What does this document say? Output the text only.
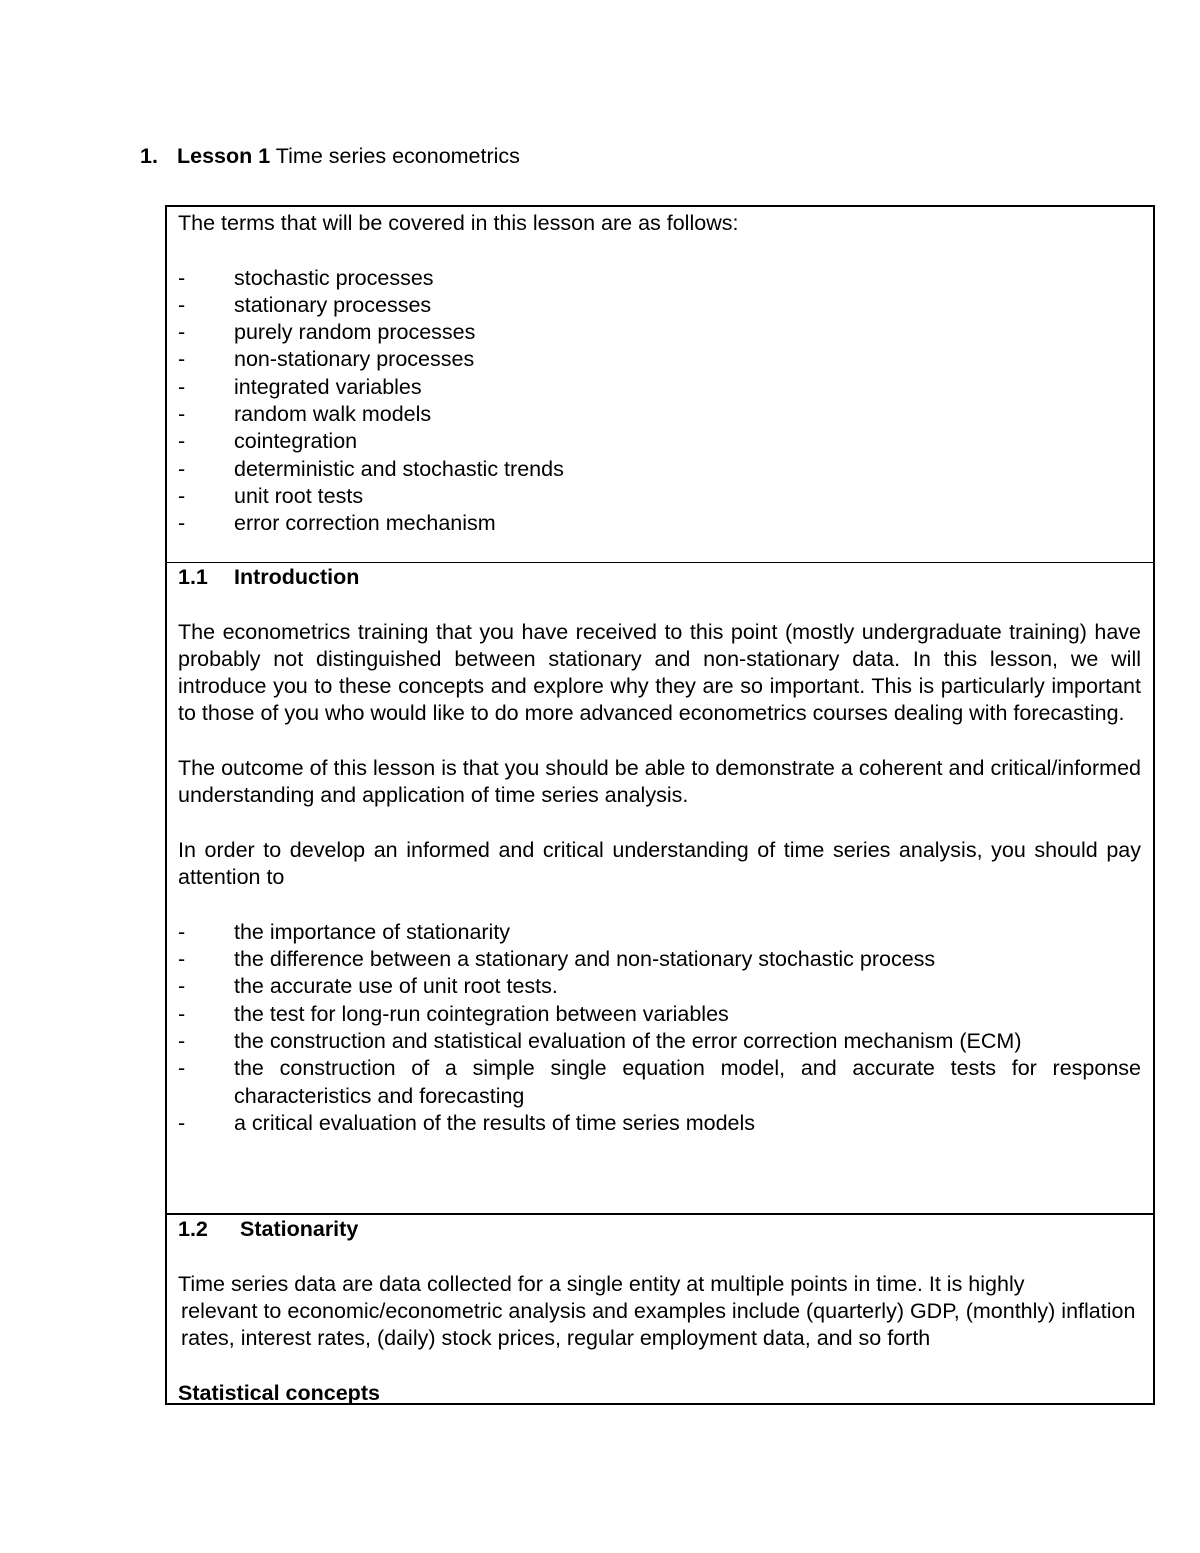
1. Lesson 1 Time series econometrics

The terms that will be covered in this lesson are as follows:

- stochastic processes
- stationary processes
- purely random processes
- non-stationary processes
- integrated variables
- random walk models
- cointegration
- deterministic and stochastic trends
- unit root tests
- error correction mechanism

1.1 Introduction

The econometrics training that you have received to this point (mostly undergraduate training) have probably not distinguished between stationary and non-stationary data. In this lesson, we will introduce you to these concepts and explore why they are so important. This is particularly important to those of you who would like to do more advanced econometrics courses dealing with forecasting.

The outcome of this lesson is that you should be able to demonstrate a coherent and critical/informed understanding and application of time series analysis.

In order to develop an informed and critical understanding of time series analysis, you should pay attention to

- the importance of stationarity
- the difference between a stationary and non-stationary stochastic process
- the accurate use of unit root tests.
- the test for long-run cointegration between variables
- the construction and statistical evaluation of the error correction mechanism (ECM)
- the construction of a simple single equation model, and accurate tests for response characteristics and forecasting
- a critical evaluation of the results of time series models

1.2 Stationarity

Time series data are data collected for a single entity at multiple points in time. It is highly

relevant to economic/econometric analysis and examples include (quarterly) GDP, (monthly) inflation rates, interest rates, (daily) stock prices, regular employment data, and so forth

Statistical concepts
